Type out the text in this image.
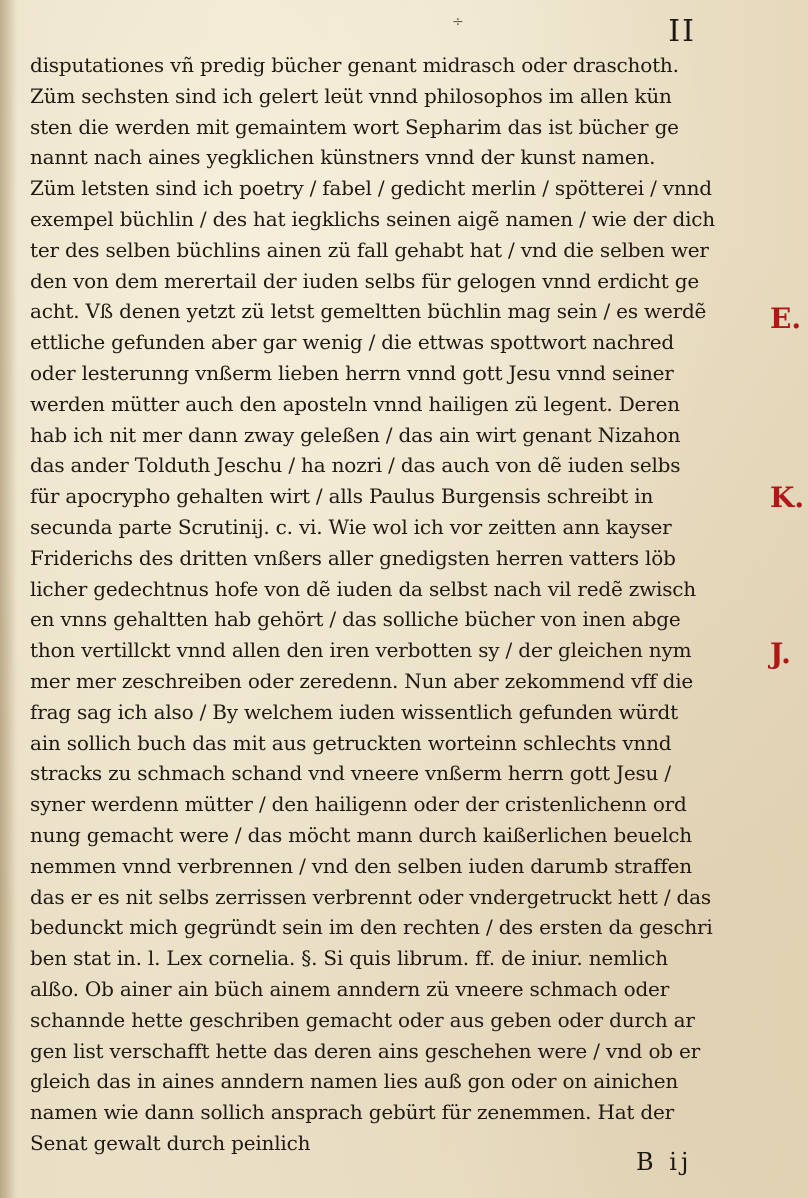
÷	II
disputationes vñ predig bücher genant midrasch oder draschoth.
Züm sechsten sind ich gelert leüt vnnd philosophos im allen kün
sten die werden mit gemaintem wort Sepharim das ist bücher ge
nannt nach aines yegklichen künstners vnnd der kunst namen.
Züm letsten sind ich poetry / fabel / gedicht merlin / spötterei / vnnd
exempel büchlin / des hat iegklichs seinen aigẽ namen / wie der dich
ter des selben büchlins ainen zü fall gehabt hat / vnd die selben wer
den von dem merertail der iuden selbs für gelogen vnnd erdicht ge
acht. Vß denen yetzt zü letst gemeltten büchlin mag sein / es werdẽ
ettliche gefunden aber gar wenig / die ettwas spottwort nachred
oder lesterunng vnßerm lieben herrn vnnd gott Jesu vnnd seiner
werden mütter auch den aposteln vnnd hailigen zü legent. Deren
hab ich nit mer dann zway geleßen / das ain wirt genant Nizahon
das ander Tolduth Jeschu / ha nozri / das auch von dẽ iuden selbs
für apocrypho gehalten wirt / alls Paulus Burgensis schreibt in
secunda parte Scrutinij. c. vi. Wie wol ich vor zeitten ann kayser
Friderichs des dritten vnßers aller gnedigsten herren vatters löb
licher gedechtnus hofe von dẽ iuden da selbst nach vil redẽ zwisch
en vnns gehaltten hab gehört / das solliche bücher von inen abge
thon vertillckt vnnd allen den iren verbotten sy / der gleichen nym
mer mer zeschreiben oder zeredenn. Nun aber zekommend vff die
frag sag ich also / By welchem iuden wissentlich gefunden würdt
ain sollich buch das mit aus getruckten worteinn schlechts vnnd
stracks zu schmach schand vnd vneere vnßerm herrn gott Jesu /
syner werdenn mütter / den hailigenn oder der cristenlichenn ord
nung gemacht were / das möcht mann durch kaißerlichen beuelch
nemmen vnnd verbrennen / vnd den selben iuden darumb straffen
das er es nit selbs zerrissen verbrennt oder vndergetruckt hett / das
bedunckt mich gegründt sein im den rechten / des ersten da geschri
ben stat in. l. Lex cornelia. §. Si quis librum. ff. de iniur. nemlich
alßo. Ob ainer ain büch ainem anndern zü vneere schmach oder
schannde hette geschriben gemacht oder aus geben oder durch ar
gen list verschafft hette das deren ains geschehen were / vnd ob er
gleich das in aines anndern namen lies auß gon oder on ainichen
namen wie dann sollich ansprach gebürt für zenemmen. Hat der
Senat gewalt durch peinlich
E.
K.
J.
B ij
